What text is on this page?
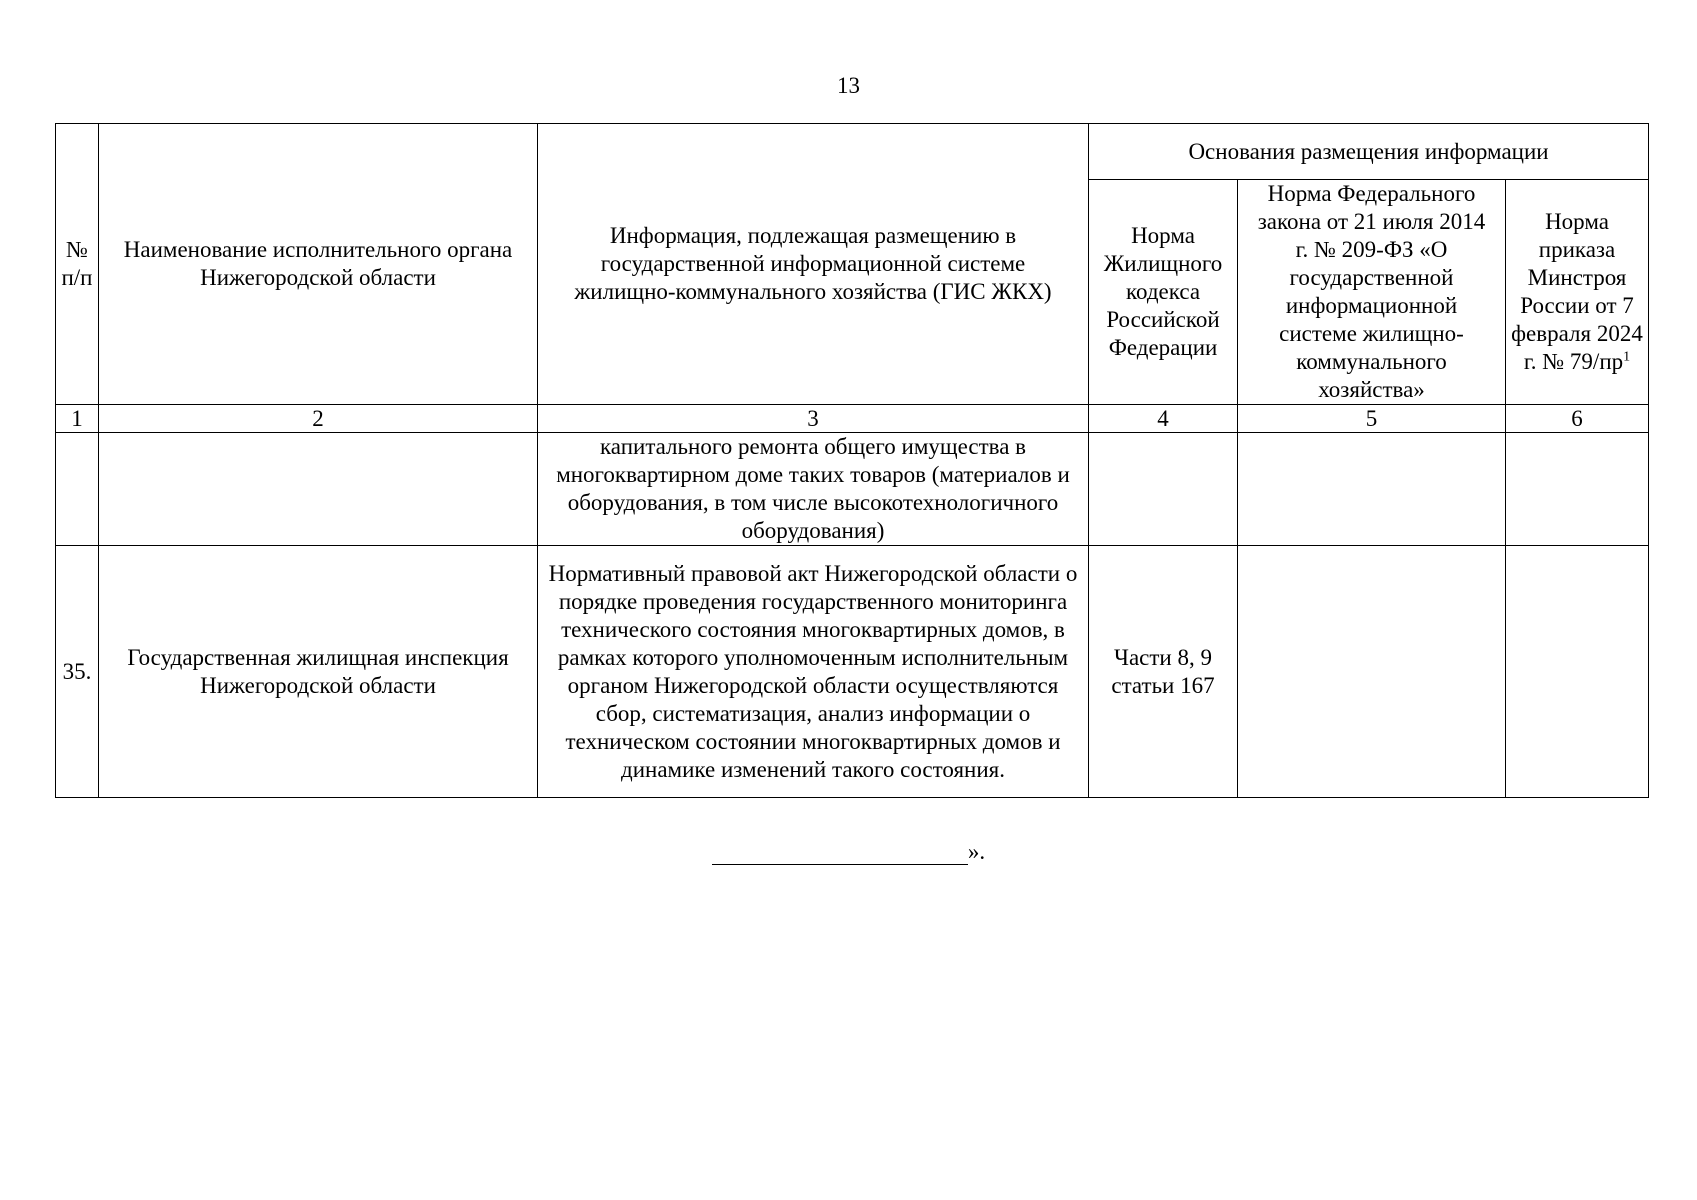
13
№ п/п	Наименование исполнительного органа Нижегородской области	Информация, подлежащая размещению в государственной информационной системе жилищно-коммунального хозяйства (ГИС ЖКХ)	Основания размещения информации		
			Норма Жилищного кодекса Российской Федерации	Норма Федерального закона от 21 июля 2014 г. № 209-ФЗ «О государственной информационной системе жилищно-коммунального хозяйства»	Норма приказа Минстроя России от 7 февраля 2024 г. № $79/пр^1$
1	2	3	4	5	6
		капитального ремонта общего имущества в многоквартирном доме таких товаров (материалов и оборудования, в том числе высокотехнологичного оборудования)			
35.	Государственная жилищная инспекция Нижегородской области	Нормативный правовой акт Нижегородской области о порядке проведения государственного мониторинга технического состояния многоквартирных домов, в рамках которого уполномоченным исполнительным органом Нижегородской области осуществляются сбор, систематизация, анализ информации о техническом состоянии многоквартирных домов и динамике изменений такого состояния.	Части 8, 9 статьи 167		
».
